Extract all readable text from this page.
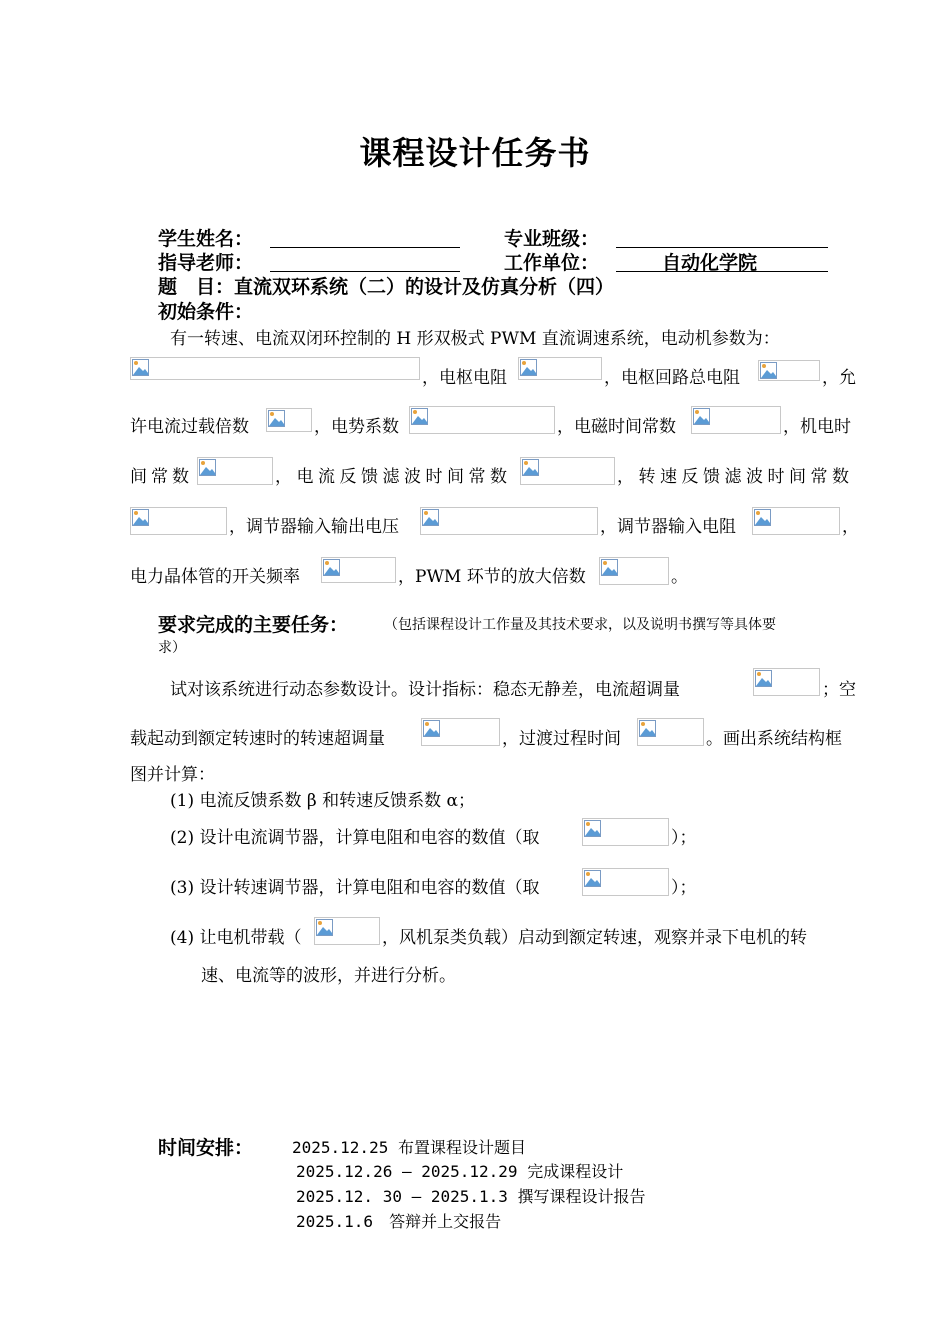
课程设计任务书
学生姓名：	专业班级：
指导老师：	工作单位：	自动化学院
题　目：直流双环系统（二）的设计及仿真分析（四）
初始条件：
有一转速、电流双闭环控制的 H 形双极式 PWM 直流调速系统，电动机参数为：
，电枢电阻	，电枢回路总电阻	，允
许电流过载倍数	，电势系数	，电磁时间常数	，机电时
间常数	，电流反馈滤波时间常数	，转速反馈滤波时间常数
，调节器输入输出电压	，调节器输入电阻	，
电力晶体管的开关频率	，PWM 环节的放大倍数	。
要求完成的主要任务：	（包括课程设计工作量及其技术要求，以及说明书撰写等具体要
求）
试对该系统进行动态参数设计。设计指标：稳态无静差，电流超调量	；空
载起动到额定转速时的转速超调量	，过渡过程时间	。画出系统结构框
图并计算：
(1) 电流反馈系数 β 和转速反馈系数 α；
(2) 设计电流调节器，计算电阻和电容的数值（取	）；
(3) 设计转速调节器，计算电阻和电容的数值（取	）；
(4) 让电机带载（	，风机泵类负载）启动到额定转速，观察并录下电机的转
速、电流等的波形，并进行分析。
时间安排： 2025.12.25 布置课程设计题目
2025.12.26 – 2025.12.29 完成课程设计
2025.12. 30 – 2025.1.3 撰写课程设计报告
2025.1.6　答辩并上交报告
